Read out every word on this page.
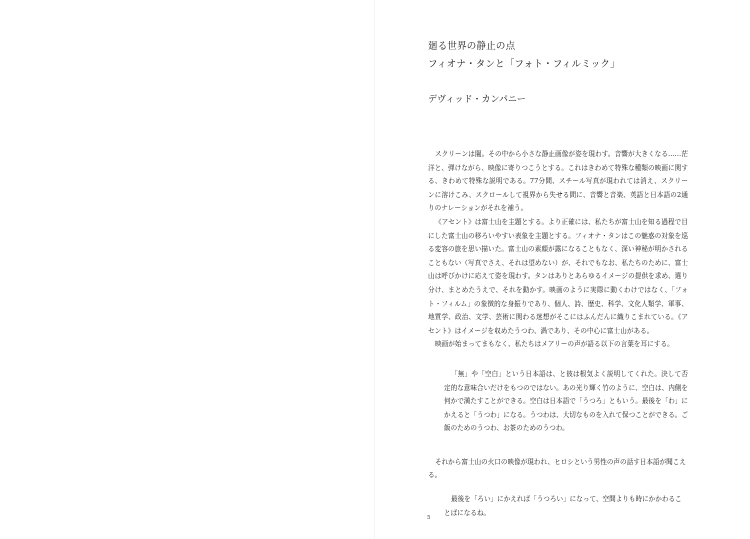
廻る世界の静止の点
フィオナ・タンと「フォト・フィルミック」
デヴィッド・カンパニー

スクリーンは闇。その中から小さな静止画像が姿を現わす。音響が大きくなる……茫洋と、弾けながら、映像に寄りつこうとする。これはきわめて特殊な種類の映画に関する、きわめて特殊な説明である。77分間、スチール写真が現われては消え、スクリーンに溶けこみ、スクロールして視界から失せる間に、音響と音楽、英語と日本語の2通りのナレーションがそれを補う。

《アセント》は富士山を主題とする。より正確には、私たちが富士山を知る過程で目にした富士山の移ろいやすい表象を主題とする。フィオナ・タンはこの魅惑の対象を巡る変容の旅を思い描いた。富士山の素顔が露になることもなく、深い神秘が明かされることもない（写真でさえ、それは望めない）が、それでもなお、私たちのために、富士山は呼びかけに応えて姿を現わす。タンはありとあらゆるイメージの提供を求め、選り分け、まとめたうえで、それを動かす。映画のように実際に動くわけではなく、「フォト・フィルム」の象徴的な身振りであり、個人、詩、歴史、科学、文化人類学、軍事、地質学、政治、文学、芸術に関わる迷想がそこにはふんだんに織りこまれている。《アセント》はイメージを収めたうつわ、渦であり、その中心に富士山がある。

映画が始まってまもなく、私たちはメアリーの声が語る以下の言葉を耳にする。

「無」や「空白」という日本語は、と彼は根気よく説明してくれた。決して否定的な意味合いだけをもつのではない。あの光り輝く竹のように、空白は、内側を何かで満たすことができる。空白は日本語で「うつろ」ともいう。最後を「わ」にかえると「うつわ」になる。うつわは、大切なものを入れて保つことができる。ご飯のためのうつわ、お茶のためのうつわ。

それから富士山の火口の映像が現われ、ヒロシという男性の声の話す日本語が聞こえる。

最後を「ろい」にかえれば「うつろい」になって、空間よりも時にかかわることばになるね。

5
